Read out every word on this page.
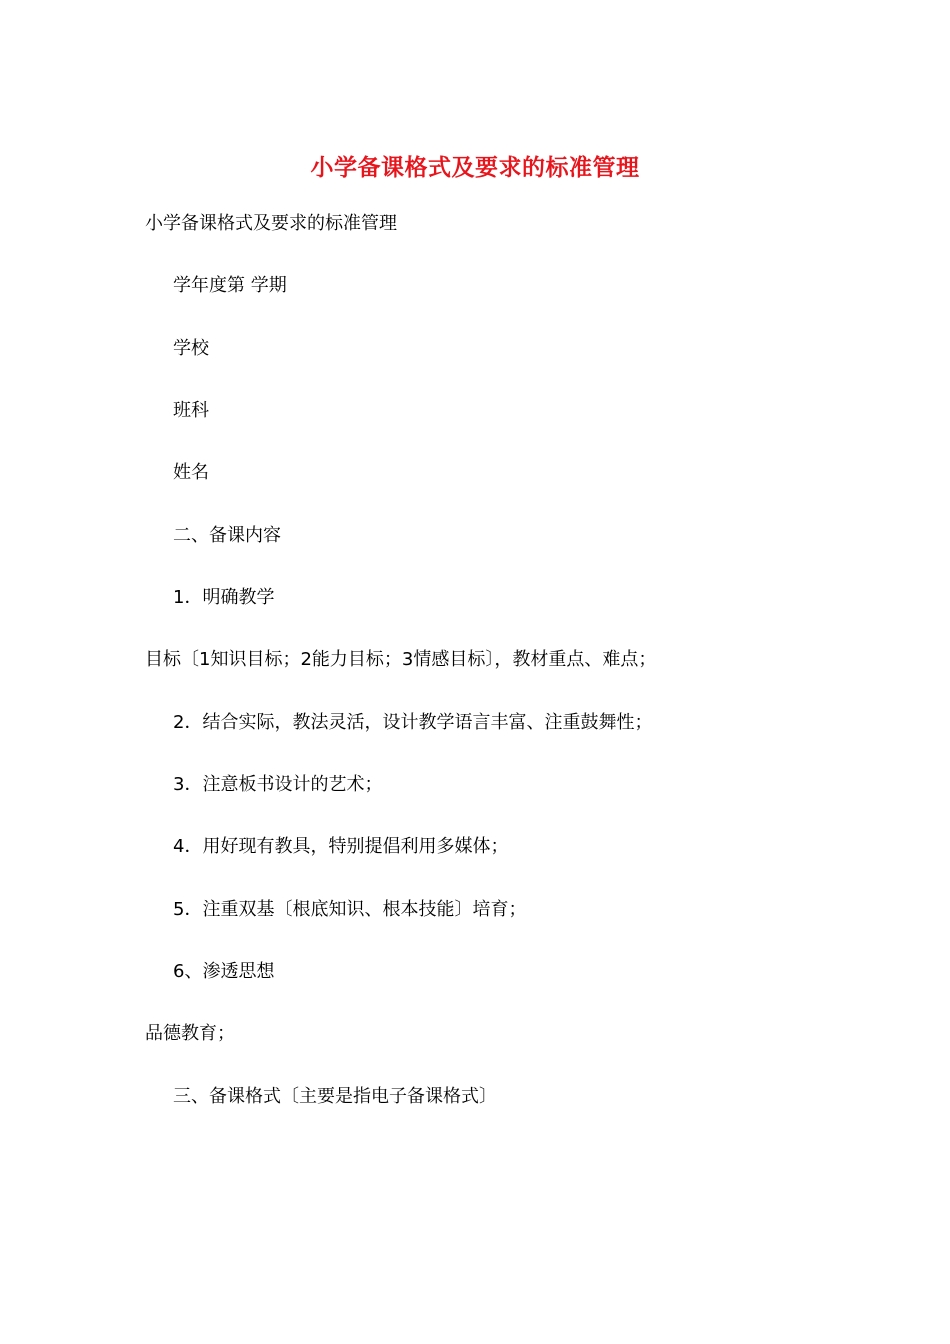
小学备课格式及要求的标准管理
小学备课格式及要求的标准管理
学年度第 学期
学校
班科
姓名
二、备课内容
1．明确教学
目标〔1知识目标；2能力目标；3情感目标〕，教材重点、难点；
2．结合实际，教法灵活，设计教学语言丰富、注重鼓舞性；
3．注意板书设计的艺术；
4．用好现有教具，特别提倡利用多媒体；
5．注重双基〔根底知识、根本技能〕培育；
6、渗透思想
品德教育；
三、备课格式〔主要是指电子备课格式〕
